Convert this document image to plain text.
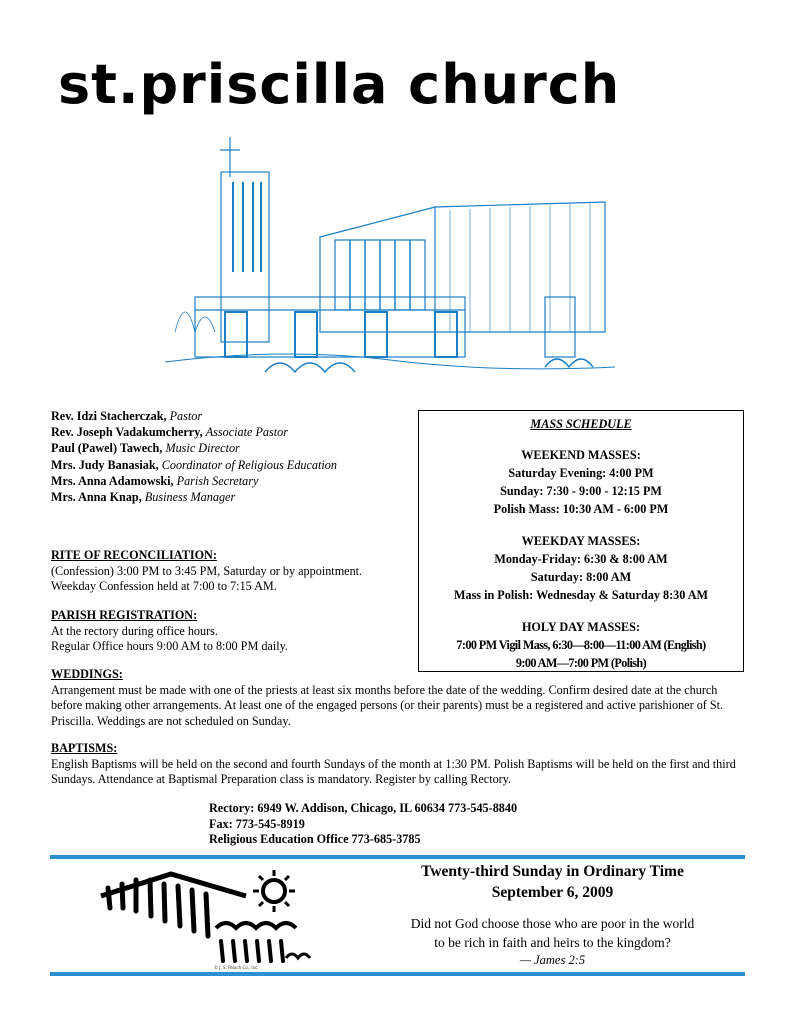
st.priscilla church
Rev. Idzi Stacherczak, Pastor
Rev. Joseph Vadakumcherry, Associate Pastor
Paul (Pawel) Tawech, Music Director
Mrs. Judy Banasiak, Coordinator of Religious Education
Mrs. Anna Adamowski, Parish Secretary
Mrs. Anna Knap, Business Manager
MASS SCHEDULE
WEEKEND MASSES:
Saturday Evening: 4:00 PM
Sunday: 7:30 - 9:00 - 12:15 PM
Polish Mass: 10:30 AM - 6:00 PM
WEEKDAY MASSES:
Monday-Friday: 6:30 & 8:00 AM
Saturday: 8:00 AM
Mass in Polish: Wednesday & Saturday 8:30 AM
HOLY DAY MASSES:
7:00 PM Vigil Mass, 6:30—8:00—11:00 AM (English)
9:00 AM—7:00 PM (Polish)
RITE OF RECONCILIATION:
(Confession) 3:00 PM to 3:45 PM, Saturday or by appointment.
Weekday Confession held at 7:00 to 7:15 AM.
PARISH REGISTRATION:
At the rectory during office hours.
Regular Office hours 9:00 AM to 8:00 PM daily.
WEDDINGS:
Arrangement must be made with one of the priests at least six months before the date of the wedding. Confirm desired date at the church
before making other arrangements. At least one of the engaged persons (or their parents) must be a registered and active parishioner of St.
Priscilla. Weddings are not scheduled on Sunday.
BAPTISMS:
English Baptisms will be held on the second and fourth Sundays of the month at 1:30 PM. Polish Baptisms will be held on the first and third
Sundays. Attendance at Baptismal Preparation class is mandatory. Register by calling Rectory.
Rectory: 6949 W. Addison, Chicago, IL 60634 773-545-8840
Fax: 773-545-8919
Religious Education Office 773-685-3785
© J. S. Paluch Co., Inc.
Twenty-third Sunday in Ordinary Time
September 6, 2009
Did not God choose those who are poor in the world
to be rich in faith and heirs to the kingdom?
— James 2:5
